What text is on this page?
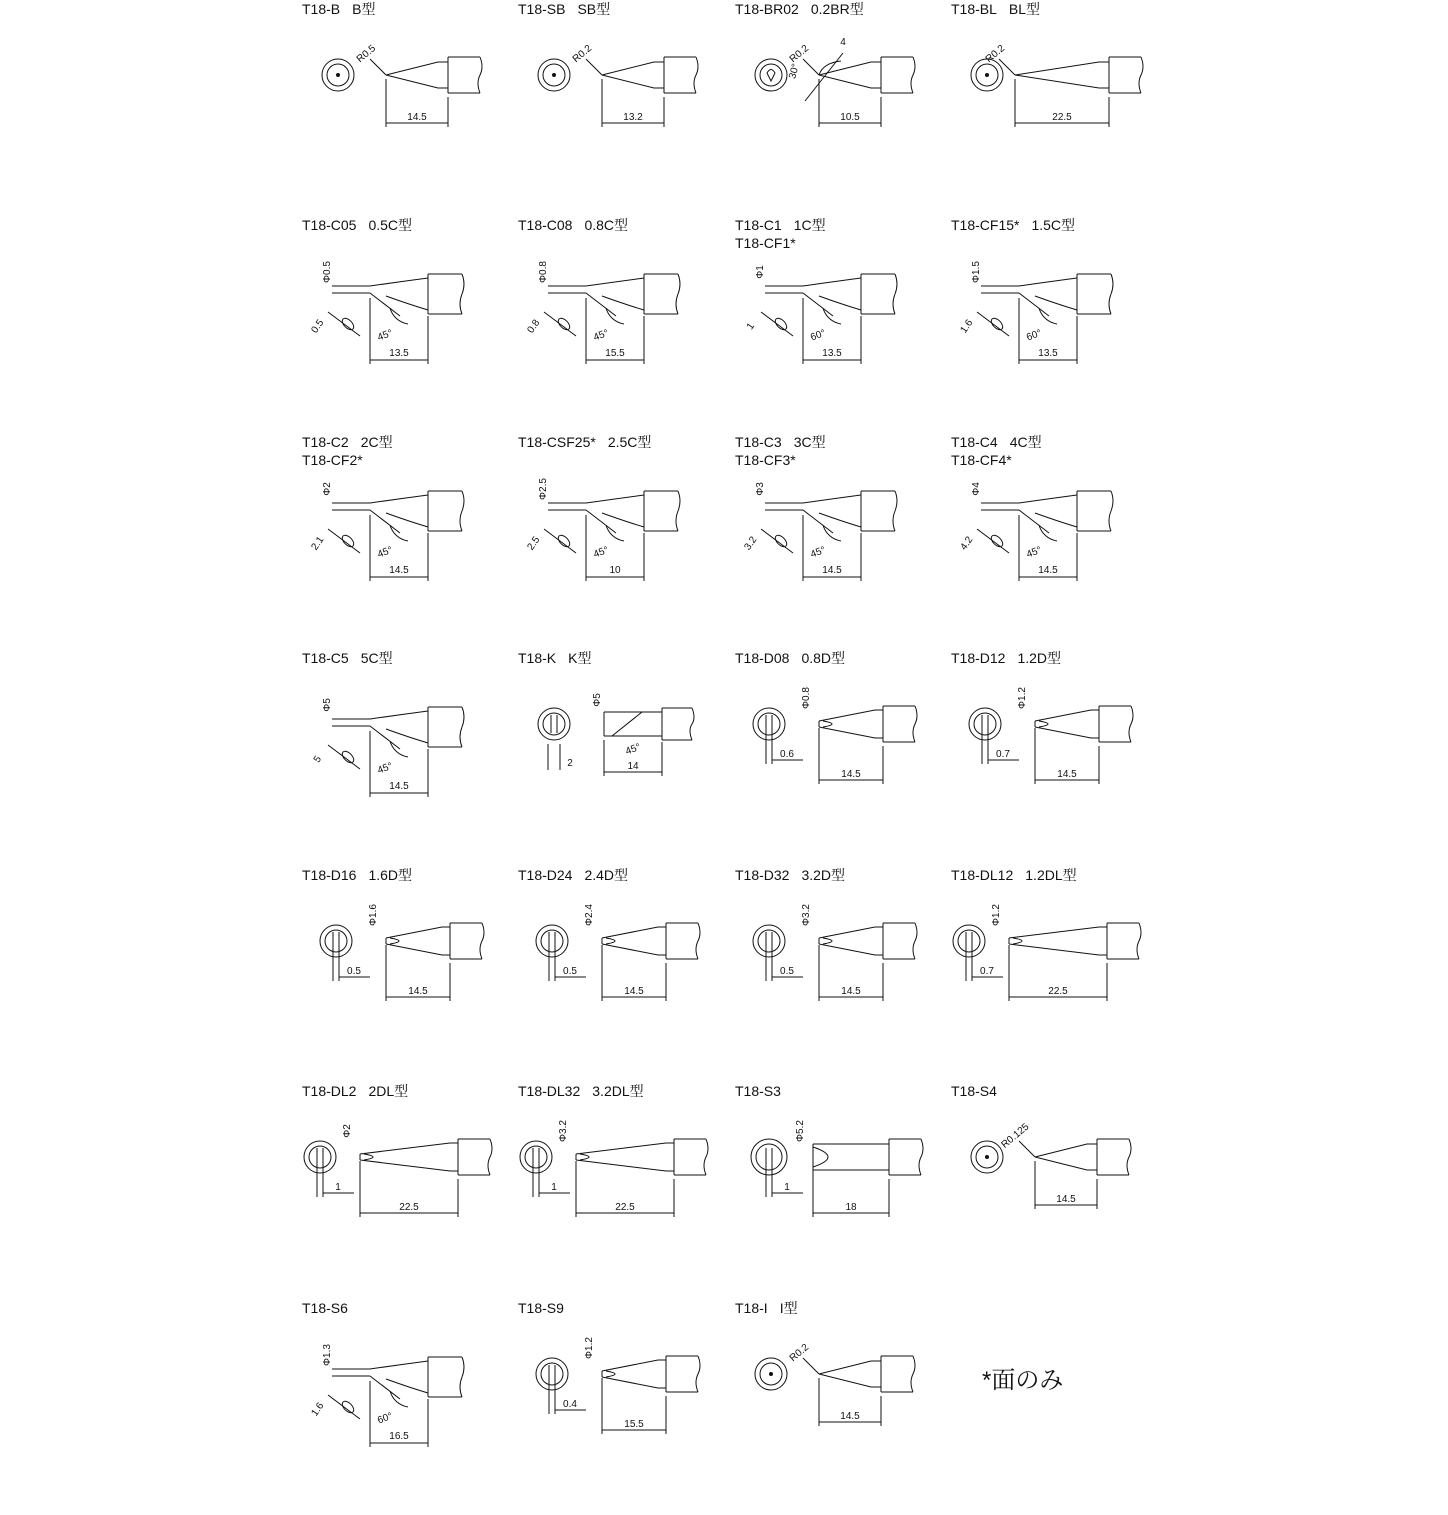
T18-B B型
14.5
R0.5
T18-SB SB型
13.2
R0.2
T18-BR02 0.2BR型
30°
4
10.5
R0.2
T18-BL BL型
22.5
R0.2
T18-C05 0.5C型
Φ0.5
0.5
45°
13.5
T18-C08 0.8C型
Φ0.8
0.8
45°
15.5
T18-C1 1C型
T18-CF1*
Φ1
1
60°
13.5
T18-CF15* 1.5C型
Φ1.5
1.6
60°
13.5
T18-C2 2C型
T18-CF2*
Φ2
2.1
45°
14.5
T18-CSF25* 2.5C型
Φ2.5
2.5
45°
10
T18-C3 3C型
T18-CF3*
Φ3
3.2
45°
14.5
T18-C4 4C型
T18-CF4*
Φ4
4.2
45°
14.5
T18-C5 5C型
Φ5
5
45°
14.5
T18-K K型
Φ5
2
45°
14
T18-D08 0.8D型
Φ0.8
0.6
14.5
T18-D12 1.2D型
Φ1.2
0.7
14.5
T18-D16 1.6D型
Φ1.6
0.5
14.5
T18-D24 2.4D型
Φ2.4
0.5
14.5
T18-D32 3.2D型
Φ3.2
0.5
14.5
T18-DL12 1.2DL型
Φ1.2
0.7
22.5
T18-DL2 2DL型
Φ2
1
22.5
T18-DL32 3.2DL型
Φ3.2
1
22.5
T18-S3
Φ5.2
1
18
T18-S4
14.5
R0.125
T18-S6
Φ1.3
1.6
60°
16.5
T18-S9
Φ1.2
0.4
15.5
T18-I I型
14.5
R0.2
*面のみ
